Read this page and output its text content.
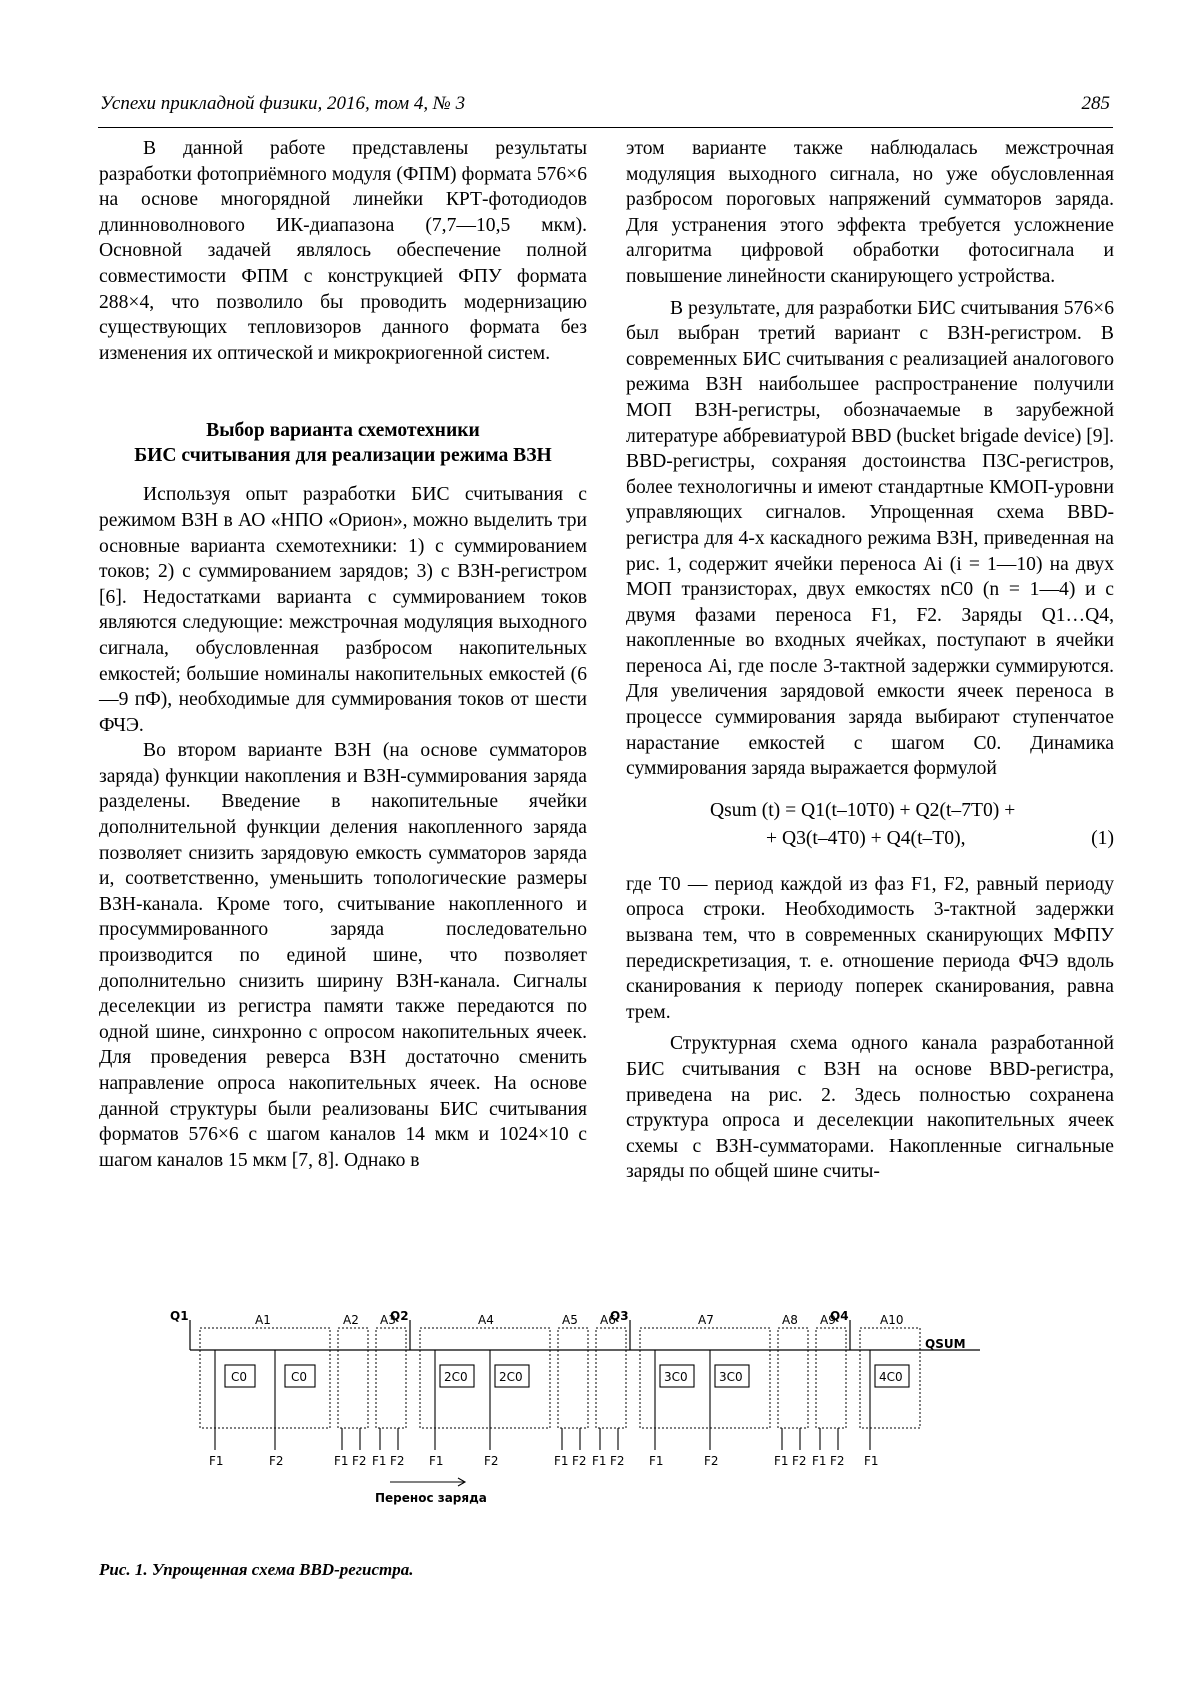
Успехи прикладной физики, 2016, том 4, № 3	285

В данной работе представлены результаты разработки фотоприёмного модуля (ФПМ) формата 576×6 на основе многорядной линейки КРТ-фотодиодов длинноволнового ИК-диапазона (7,7—10,5 мкм). Основной задачей являлось обеспечение полной совместимости ФПМ с конструкцией ФПУ формата 288×4, что позволило бы проводить модернизацию существующих тепловизоров данного формата без изменения их оптической и микрокриогенной систем.

Выбор варианта схемотехники
БИС считывания для реализации режима ВЗН

Используя опыт разработки БИС считывания с режимом ВЗН в АО «НПО «Орион», можно выделить три основные варианта схемотехники: 1) с суммированием токов; 2) с суммированием зарядов; 3) с ВЗН-регистром [6]. Недостатками варианта с суммированием токов являются следующие: межстрочная модуляция выходного сигнала, обусловленная разбросом накопительных емкостей; большие номиналы накопительных емкостей (6—9 пФ), необходимые для суммирования токов от шести ФЧЭ.

Во втором варианте ВЗН (на основе сумматоров заряда) функции накопления и ВЗН-суммирования заряда разделены. Введение в накопительные ячейки дополнительной функции деления накопленного заряда позволяет снизить зарядовую емкость сумматоров заряда и, соответственно, уменьшить топологические размеры ВЗН-канала. Кроме того, считывание накопленного и просуммированного заряда последовательно производится по единой шине, что позволяет дополнительно снизить ширину ВЗН-канала. Сигналы деселекции из регистра памяти также передаются по одной шине, синхронно с опросом накопительных ячеек. Для проведения реверса ВЗН достаточно сменить направление опроса накопительных ячеек. На основе данной структуры были реализованы БИС считывания форматов 576×6 с шагом каналов 14 мкм и 1024×10 с шагом каналов 15 мкм [7, 8]. Однако в

этом варианте также наблюдалась межстрочная модуляция выходного сигнала, но уже обусловленная разбросом пороговых напряжений сумматоров заряда. Для устранения этого эффекта требуется усложнение алгоритма цифровой обработки фотосигнала и повышение линейности сканирующего устройства.

В результате, для разработки БИС считывания 576×6 был выбран третий вариант с ВЗН-регистром. В современных БИС считывания с реализацией аналогового режима ВЗН наибольшее распространение получили МОП ВЗН-регистры, обозначаемые в зарубежной литературе аббревиатурой BBD (bucket brigade device) [9]. BBD-регистры, сохраняя достоинства ПЗС-регистров, более технологичны и имеют стандартные КМОП-уровни управляющих сигналов. Упрощенная схема BBD-регистра для 4-х каскадного режима ВЗН, приведенная на рис. 1, содержит ячейки переноса Ai (i = 1—10) на двух МОП транзисторах, двух емкостях nC0 (n = 1—4) и с двумя фазами переноса F1, F2. Заряды Q1…Q4, накопленные во входных ячейках, поступают в ячейки переноса Ai, где после 3-тактной задержки суммируются. Для увеличения зарядовой емкости ячеек переноса в процессе суммирования заряда выбирают ступенчатое нарастание емкостей с шагом C0. Динамика суммирования заряда выражается формулой

Qsum (t) = Q1(t–10T0) + Q2(t–7T0) +
+ Q3(t–4T0) + Q4(t–T0),	(1)

где T0 — период каждой из фаз F1, F2, равный периоду опроса строки. Необходимость 3-тактной задержки вызвана тем, что в современных сканирующих МФПУ передискретизация, т. е. отношение периода ФЧЭ вдоль сканирования к периоду поперек сканирования, равна трем.

Структурная схема одного канала разработанной БИС считывания с ВЗН на основе BBD-регистра, приведена на рис. 2. Здесь полностью сохранена структура опроса и деселекции накопительных ячеек схемы с ВЗН-сумматорами. Накопленные сигнальные заряды по общей шине считы-

Q1	Q2	Q3	Q4
QSUM
A1	A2 A3	A4	A5 A6	A7	A8 A9	A10
C0	C0	2C0	2C0	3C0	3C0	4C0
F1	F2	F1 F2 F1 F2 F1	F2	F1 F2 F1 F2 F1	F2	F1 F2 F1 F2 F1
Перенос заряда
Рис. 1. Упрощенная схема BBD-регистра.
